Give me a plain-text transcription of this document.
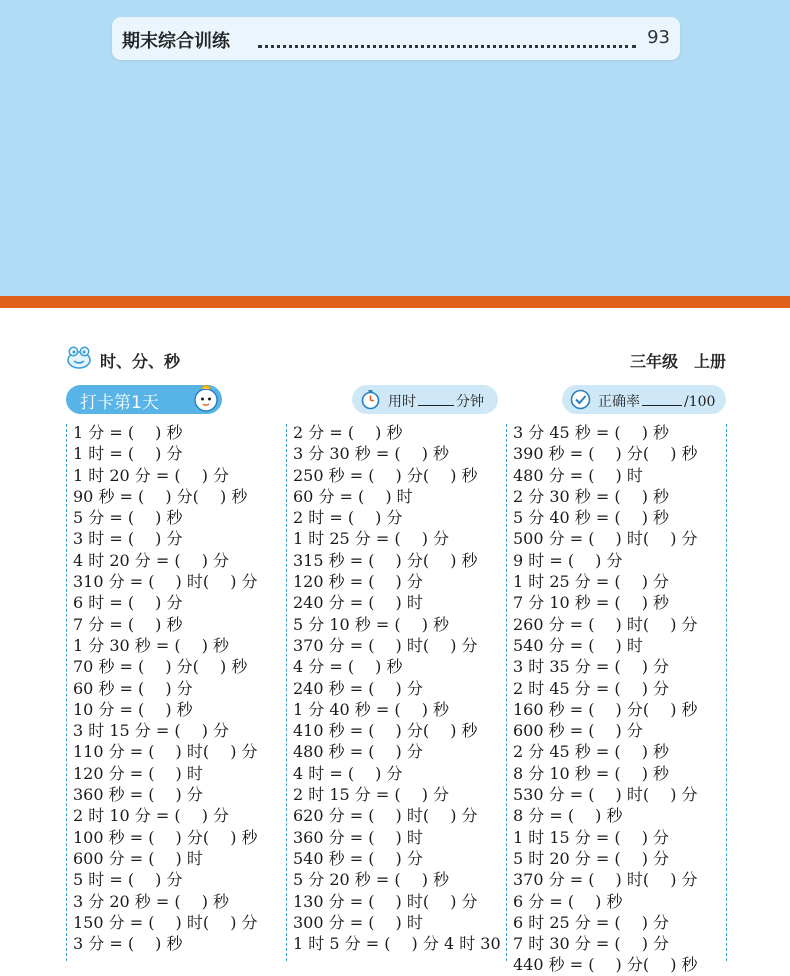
期末综合训练	93
时、分、秒	三年级　上册
打卡第1天	用时	分钟	正确率	/100
1 分 = (　 ) 秒
1 时 = (　 ) 分
1 时 20 分 = (　 ) 分
90 秒 = (　 ) 分(　 ) 秒
5 分 = (　 ) 秒
3 时 = (　 ) 分
4 时 20 分 = (　 ) 分
310 分 = (　 ) 时(　 ) 分
6 时 = (　 ) 分
7 分 = (　 ) 秒
1 分 30 秒 = (　 ) 秒
70 秒 = (　 ) 分(　 ) 秒
60 秒 = (　 ) 分
10 分 = (　 ) 秒
3 时 15 分 = (　 ) 分
110 分 = (　 ) 时(　 ) 分
120 分 = (　 ) 时
360 秒 = (　 ) 分
2 时 10 分 = (　 ) 分
100 秒 = (　 ) 分(　 ) 秒
600 分 = (　 ) 时
5 时 = (　 ) 分
3 分 20 秒 = (　 ) 秒
150 分 = (　 ) 时(　 ) 分
3 分 = (　 ) 秒
2 分 = (　 ) 秒
3 分 30 秒 = (　 ) 秒
250 秒 = (　 ) 分(　 ) 秒
60 分 = (　 ) 时
2 时 = (　 ) 分
1 时 25 分 = (　 ) 分
315 秒 = (　 ) 分(　 ) 秒
120 秒 = (　 ) 分
240 分 = (　 ) 时
5 分 10 秒 = (　 ) 秒
370 分 = (　 ) 时(　 ) 分
4 分 = (　 ) 秒
240 秒 = (　 ) 分
1 分 40 秒 = (　 ) 秒
410 秒 = (　 ) 分(　 ) 秒
480 秒 = (　 ) 分
4 时 = (　 ) 分
2 时 15 分 = (　 ) 分
620 分 = (　 ) 时(　 ) 分
360 分 = (　 ) 时
540 秒 = (　 ) 分
5 分 20 秒 = (　 ) 秒
130 分 = (　 ) 时(　 ) 分
300 分 = (　 ) 时
1 时 5 分 = (　 ) 分 4 时 30
3 分 45 秒 = (　 ) 秒
390 秒 = (　 ) 分(　 ) 秒
480 分 = (　 ) 时
2 分 30 秒 = (　 ) 秒
5 分 40 秒 = (　 ) 秒
500 分 = (　 ) 时(　 ) 分
9 时 = (　 ) 分
1 时 25 分 = (　 ) 分
7 分 10 秒 = (　 ) 秒
260 分 = (　 ) 时(　 ) 分
540 分 = (　 ) 时
3 时 35 分 = (　 ) 分
2 时 45 分 = (　 ) 分
160 秒 = (　 ) 分(　 ) 秒
600 秒 = (　 ) 分
2 分 45 秒 = (　 ) 秒
8 分 10 秒 = (　 ) 秒
530 分 = (　 ) 时(　 ) 分
8 分 = (　 ) 秒
1 时 15 分 = (　 ) 分
5 时 20 分 = (　 ) 分
370 分 = (　 ) 时(　 ) 分
6 分 = (　 ) 秒
6 时 25 分 = (　 ) 分
7 时 30 分 = (　 ) 分
440 秒 = (　 ) 分(　 ) 秒
